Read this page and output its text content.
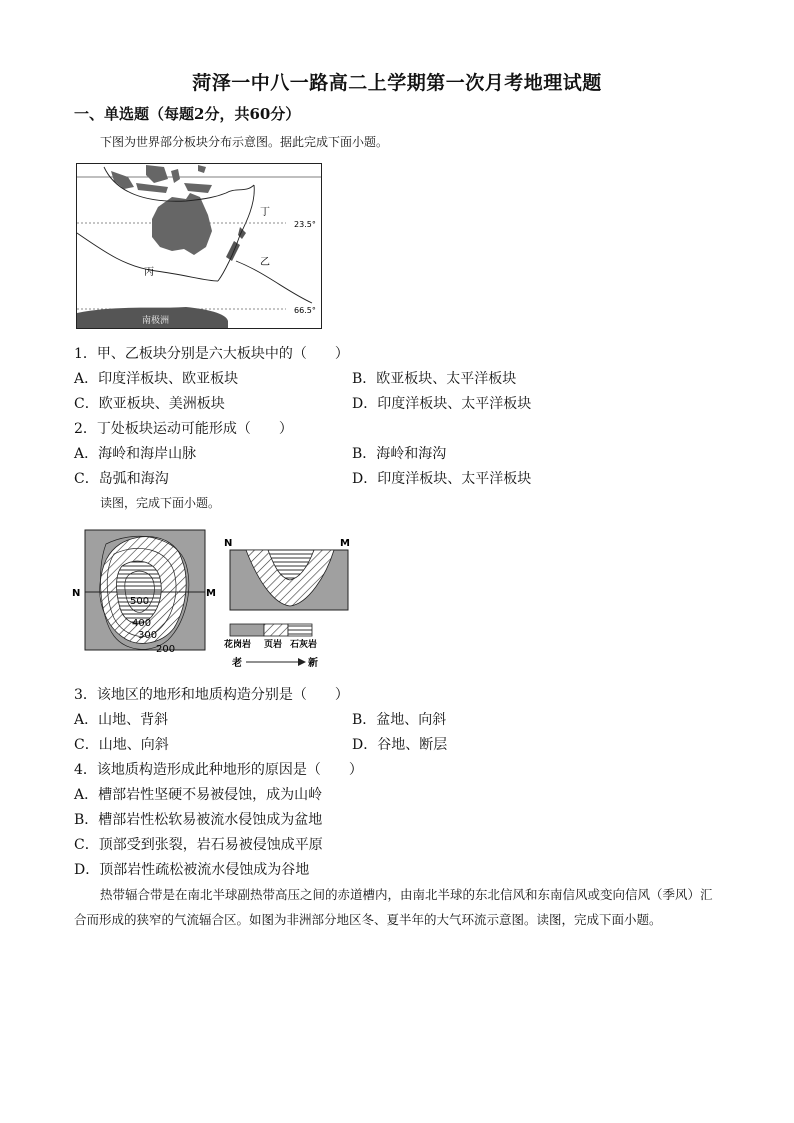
菏泽一中八一路高二上学期第一次月考地理试题
一、单选题（每题2分，共60分）
下图为世界部分板块分布示意图。据此完成下面小题。
甲
丁
乙
丙
23.5°
66.5°
南极洲
1．甲、乙板块分别是六大板块中的（　　）
A．印度洋板块、欧亚板块	B．欧亚板块、太平洋板块
C．欧亚板块、美洲板块	D．印度洋板块、太平洋板块
2．丁处板块运动可能形成（　　）
A．海岭和海岸山脉	B．海岭和海沟
C．岛弧和海沟	D．印度洋板块、太平洋板块
读图，完成下面小题。
N	M
500
400
300
200
N	M
花岗岩 页岩 石灰岩
老	新
3．该地区的地形和地质构造分别是（　　）
A．山地、背斜	B．盆地、向斜
C．山地、向斜	D．谷地、断层
4．该地质构造形成此种地形的原因是（　　）
A．槽部岩性坚硬不易被侵蚀，成为山岭
B．槽部岩性松软易被流水侵蚀成为盆地
C．顶部受到张裂，岩石易被侵蚀成平原
D．顶部岩性疏松被流水侵蚀成为谷地
热带辐合带是在南北半球副热带高压之间的赤道槽内，由南北半球的东北信风和东南信风或变向信风（季风）汇合而形成的狭窄的气流辐合区。如图为非洲部分地区冬、夏半年的大气环流示意图。读图，完成下面小题。
